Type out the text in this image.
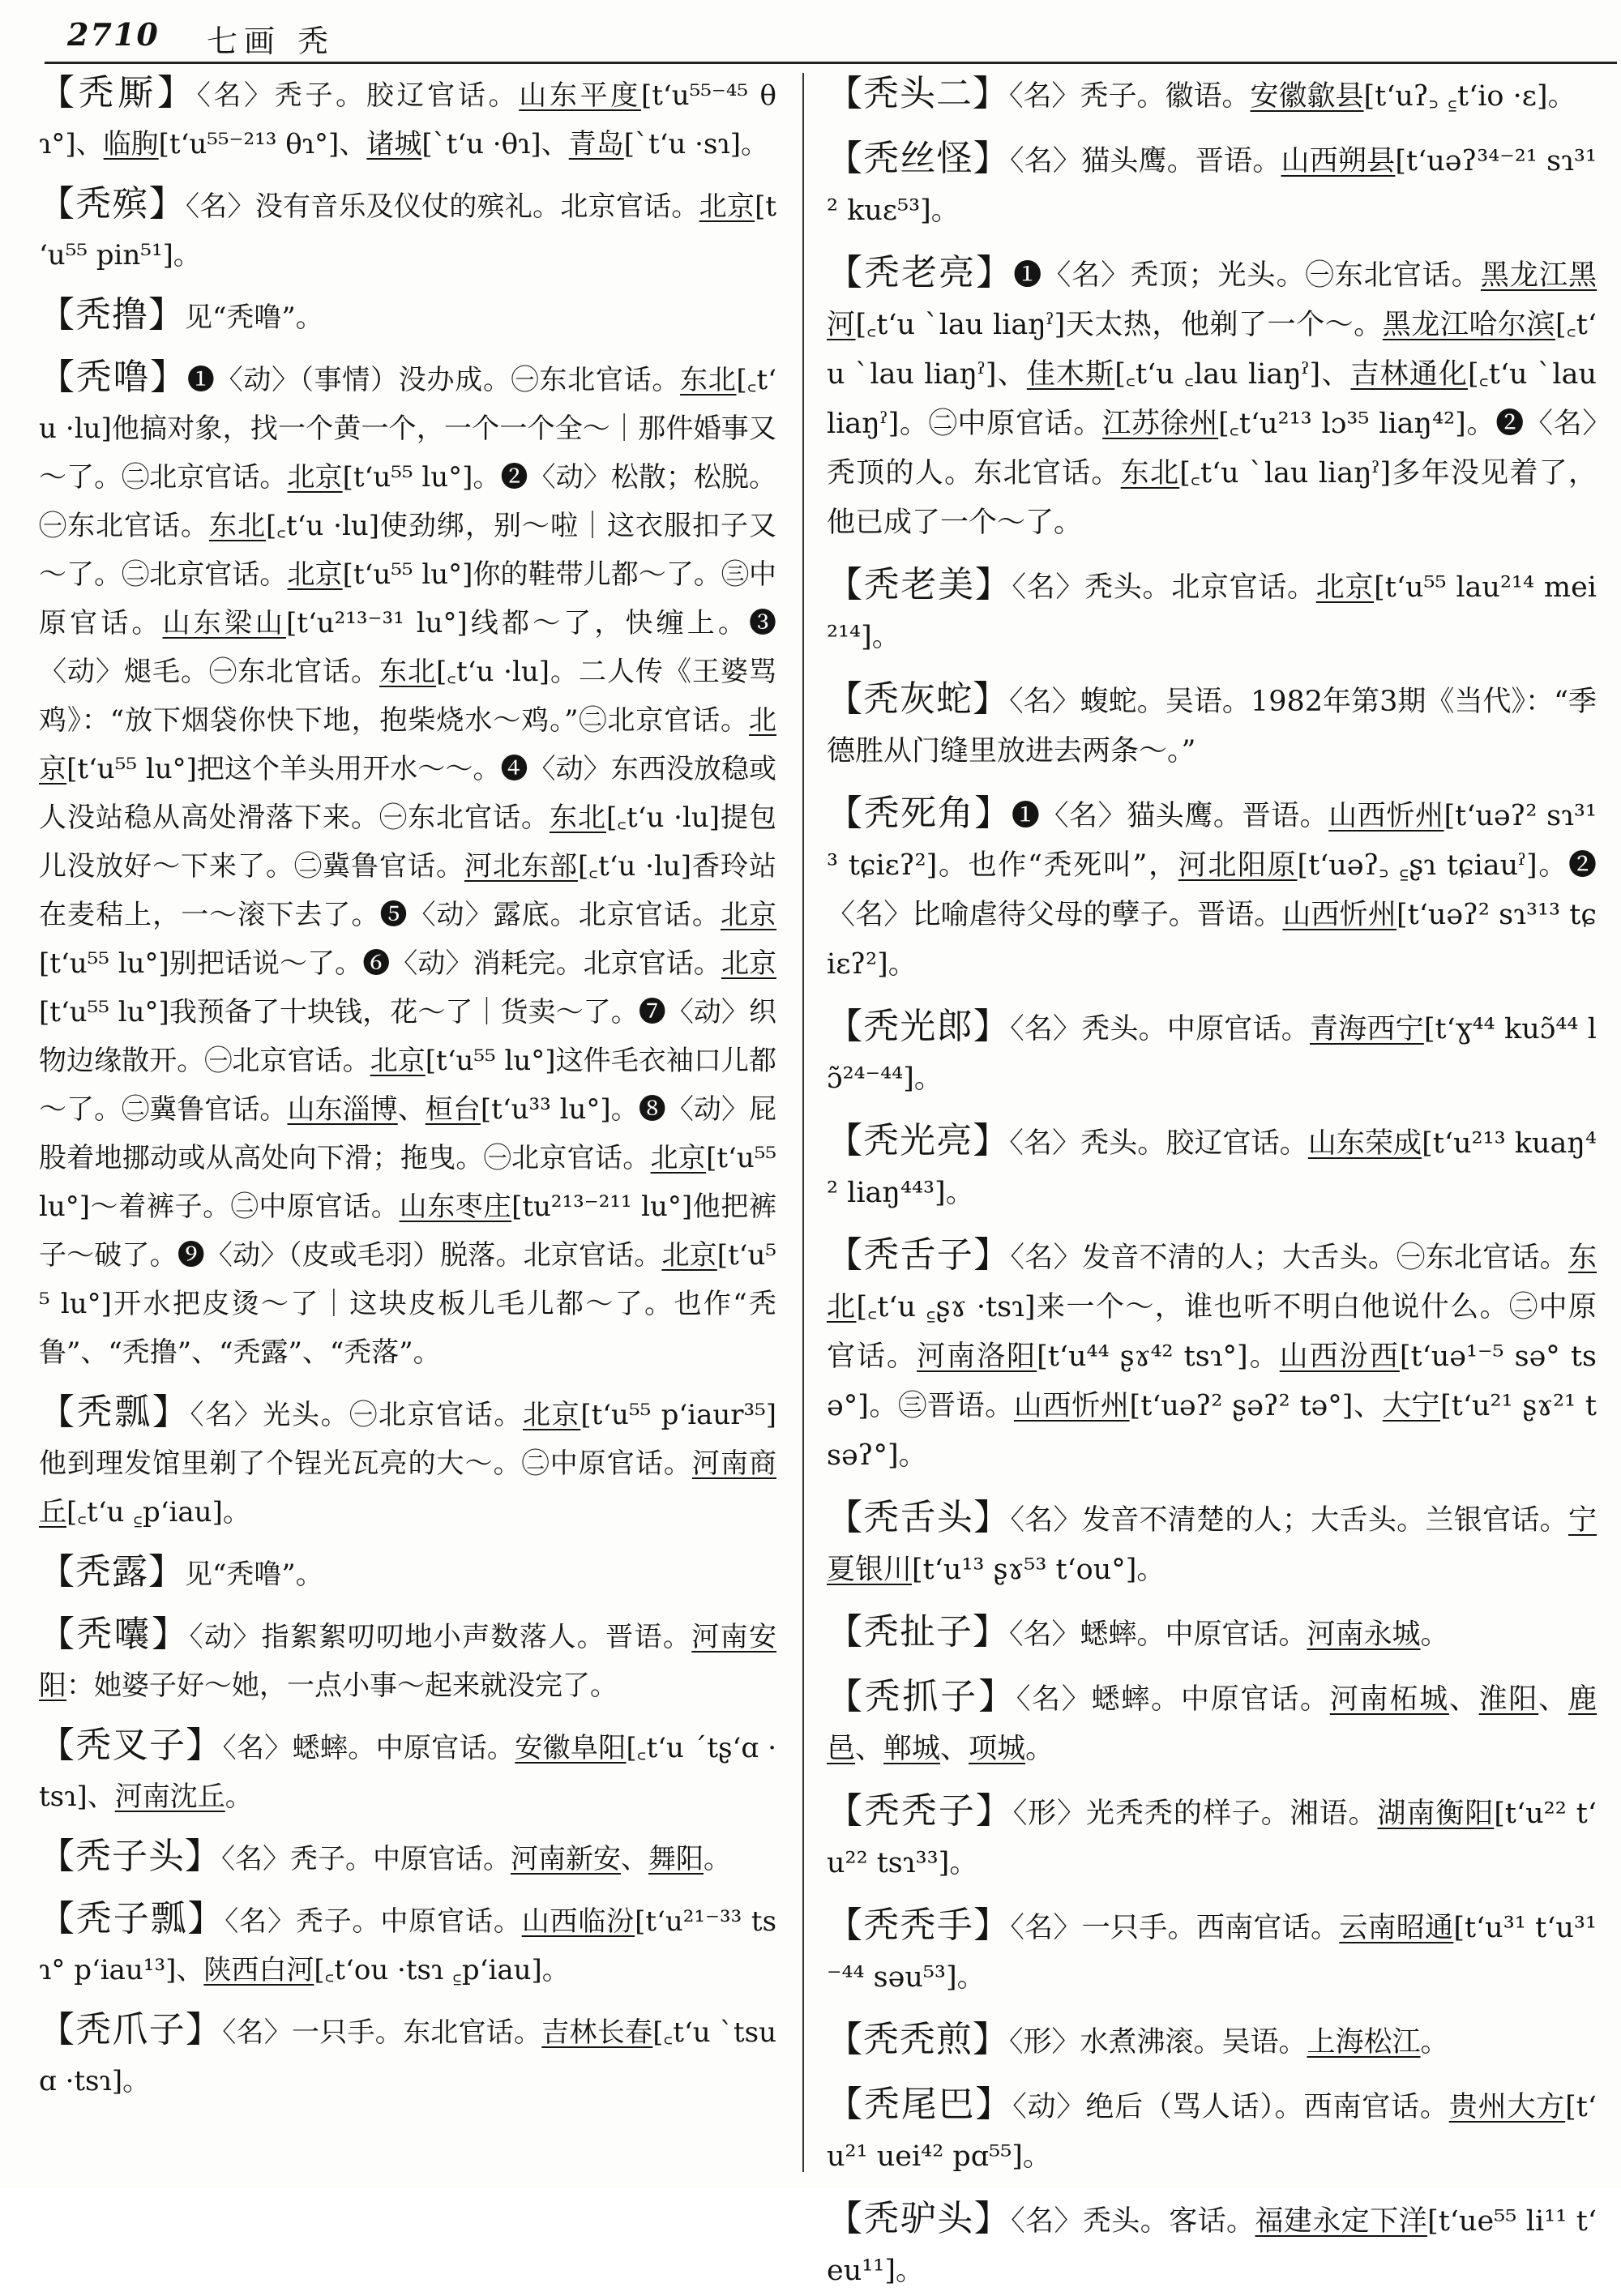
2710 七画 秃

【秃厮】〈名〉秃子。胶辽官话。山东平度[tʻu⁵⁵⁻⁴⁵ θɿ°]、临朐[tʻu⁵⁵⁻²¹³ θɿ°]、诸城[ˋtʻu ·θɿ]、青岛[ˋtʻu ·sɿ]。

【秃殡】〈名〉没有音乐及仪仗的殡礼。北京官话。北京[tʻu⁵⁵ pin⁵¹]。

【秃撸】见“秃噜”。

【秃噜】❶〈动〉（事情）没办成。㊀东北官话。东北[꜀tʻu ·lu]他搞对象，找一个黄一个，一个一个全～｜那件婚事又～了。㊁北京官话。北京[tʻu⁵⁵ lu°]。❷〈动〉松散；松脱。㊀东北官话。东北[꜀tʻu ·lu]使劲绑，别～啦｜这衣服扣子又～了。㊁北京官话。北京[tʻu⁵⁵ lu°]你的鞋带儿都～了。㊂中原官话。山东梁山[tʻu²¹³⁻³¹ lu°]线都～了，快缠上。❸〈动〉煺毛。㊀东北官话。东北[꜀tʻu ·lu]。二人传《王婆骂鸡》：“放下烟袋你快下地，抱柴烧水～鸡。”㊁北京官话。北京[tʻu⁵⁵ lu°]把这个羊头用开水～～。❹〈动〉东西没放稳或人没站稳从高处滑落下来。㊀东北官话。东北[꜀tʻu ·lu]提包儿没放好～下来了。㊁冀鲁官话。河北东部[꜀tʻu ·lu]香玲站在麦秸上，一～滚下去了。❺〈动〉露底。北京官话。北京[tʻu⁵⁵ lu°]别把话说～了。❻〈动〉消耗完。北京官话。北京[tʻu⁵⁵ lu°]我预备了十块钱，花～了｜货卖～了。❼〈动〉织物边缘散开。㊀北京官话。北京[tʻu⁵⁵ lu°]这件毛衣袖口儿都～了。㊁冀鲁官话。山东淄博、桓台[tʻu³³ lu°]。❽〈动〉屁股着地挪动或从高处向下滑；拖曳。㊀北京官话。北京[tʻu⁵⁵ lu°]～着裤子。㊁中原官话。山东枣庄[tu²¹³⁻²¹¹ lu°]他把裤子～破了。❾〈动〉（皮或毛羽）脱落。北京官话。北京[tʻu⁵⁵ lu°]开水把皮烫～了｜这块皮板儿毛儿都～了。也作“秃鲁”、“秃撸”、“秃露”、“秃落”。

【秃瓢】〈名〉光头。㊀北京官话。北京[tʻu⁵⁵ pʻiaur³⁵]他到理发馆里剃了个锃光瓦亮的大～。㊁中原官话。河南商丘[꜀tʻu ꜁pʻiau]。

【秃露】见“秃噜”。

【秃囔】〈动〉指絮絮叨叨地小声数落人。晋语。河南安阳：她婆子好～她，一点小事～起来就没完了。

【秃叉子】〈名〉蟋蟀。中原官话。安徽阜阳[꜀tʻu ˊtʂʻɑ ·tsɿ]、河南沈丘。

【秃子头】〈名〉秃子。中原官话。河南新安、舞阳。

【秃子瓢】〈名〉秃子。中原官话。山西临汾[tʻu²¹⁻³³ tsɿ° pʻiau¹³]、陕西白河[꜀tʻou ·tsɿ ꜁pʻiau]。

【秃爪子】〈名〉一只手。东北官话。吉林长春[꜀tʻu ˋtsuɑ ·tsɿ]。

【秃头二】〈名〉秃子。徽语。安徽歙县[tʻuʔ꜆ ꜁tʻio ·ɛ]。

【秃丝怪】〈名〉猫头鹰。晋语。山西朔县[tʻuəʔ³⁴⁻²¹ sɿ³¹² kuɛ⁵³]。

【秃老亮】❶〈名〉秃顶；光头。㊀东北官话。黑龙江黑河[꜀tʻu ˋlau liaŋˀ]天太热，他剃了一个～。黑龙江哈尔滨[꜀tʻu ˋlau liaŋˀ]、佳木斯[꜀tʻu ꜀lau liaŋˀ]、吉林通化[꜀tʻu ˋlau liaŋˀ]。㊁中原官话。江苏徐州[꜀tʻu²¹³ lɔ³⁵ liaŋ⁴²]。❷〈名〉秃顶的人。东北官话。东北[꜀tʻu ˋlau liaŋˀ]多年没见着了，他已成了一个～了。

【秃老美】〈名〉秃头。北京官话。北京[tʻu⁵⁵ lau²¹⁴ mei²¹⁴]。

【秃灰蛇】〈名〉蝮蛇。吴语。1982年第3期《当代》：“季德胜从门缝里放进去两条～。”

【秃死角】❶〈名〉猫头鹰。晋语。山西忻州[tʻuəʔ² sɿ³¹³ tɕiɛʔ²]。也作“秃死叫”，河北阳原[tʻuəʔ꜆ ꜁ʂɿ tɕiauˀ]。❷〈名〉比喻虐待父母的孽子。晋语。山西忻州[tʻuəʔ² sɿ³¹³ tɕiɛʔ²]。

【秃光郎】〈名〉秃头。中原官话。青海西宁[tʻɣ⁴⁴ kuɔ̃⁴⁴ lɔ̃²⁴⁻⁴⁴]。

【秃光亮】〈名〉秃头。胶辽官话。山东荣成[tʻu²¹³ kuaŋ⁴² liaŋ⁴⁴³]。

【秃舌子】〈名〉发音不清的人；大舌头。㊀东北官话。东北[꜀tʻu ꜁ʂɤ ·tsɿ]来一个～，谁也听不明白他说什么。㊁中原官话。河南洛阳[tʻu⁴⁴ ʂɤ⁴² tsɿ°]。山西汾西[tʻuə¹⁻⁵ sə° tsə°]。㊂晋语。山西忻州[tʻuəʔ² ʂəʔ² tə°]、大宁[tʻu²¹ ʂɤ²¹ tsəʔ°]。

【秃舌头】〈名〉发音不清楚的人；大舌头。兰银官话。宁夏银川[tʻu¹³ ʂɤ⁵³ tʻou°]。

【秃扯子】〈名〉蟋蟀。中原官话。河南永城。

【秃抓子】〈名〉蟋蟀。中原官话。河南柘城、淮阳、鹿邑、郸城、项城。

【秃秃子】〈形〉光秃秃的样子。湘语。湖南衡阳[tʻu²² tʻu²² tsɿ³³]。

【秃秃手】〈名〉一只手。西南官话。云南昭通[tʻu³¹ tʻu³¹⁻⁴⁴ səu⁵³]。

【秃秃煎】〈形〉水煮沸滚。吴语。上海松江。

【秃尾巴】〈动〉绝后（骂人话）。西南官话。贵州大方[tʻu²¹ uei⁴² pɑ⁵⁵]。

【秃驴头】〈名〉秃头。客话。福建永定下洋[tʻue⁵⁵ li¹¹ tʻeu¹¹]。
